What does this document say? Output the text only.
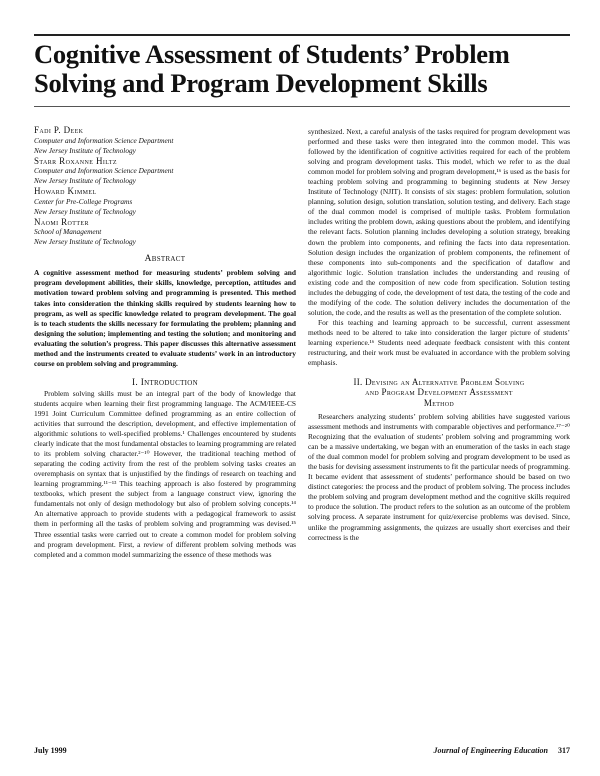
Cognitive Assessment of Students’ Problem Solving and Program Development Skills
Fadi P. Deek
Computer and Information Science Department
New Jersey Institute of Technology
Starr Roxanne Hiltz
Computer and Information Science Department
New Jersey Institute of Technology
Howard Kimmel
Center for Pre-College Programs
New Jersey Institute of Technology
Naomi Rotter
School of Management
New Jersey Institute of Technology
Abstract

A cognitive assessment method for measuring students’ problem solving and program development abilities, their skills, knowledge, perception, attitudes and motivation toward problem solving and programming is presented. This method takes into consideration the thinking skills required by students learning how to program, as well as specific knowledge related to program development. The goal is to teach students the skills necessary for formulating the problem; planning and designing the solution; implementing and testing the solution; and monitoring and evaluating the solution’s progress. This paper discusses this alternative assessment method and the instruments created to evaluate students’ work in an introductory course on problem solving and programming.

I. Introduction

Problem solving skills must be an integral part of the body of knowledge that students acquire when learning their first programming language. The ACM/IEEE-CS 1991 Joint Curriculum Committee defined programming as an entire collection of activities that surround the description, development, and effective implementation of algorithmic solutions to well-specified problems.¹ Challenges encountered by students clearly indicate that the most fundamental obstacles to learning programming are related to its problem solving character.²⁻¹⁰ However, the traditional teaching method of separating the coding activity from the rest of the problem solving tasks creates an overemphasis on syntax that is unjustified by the findings of research on teaching and learning programming.¹¹⁻¹³ This teaching approach is also fostered by programming textbooks, which present the subject from a language construct view, ignoring the fundamentals not only of design methodology but also of problem solving concepts.¹⁴ An alternative approach to provide students with a pedagogical framework to assist them in performing all the tasks of problem solving and programming was devised.¹⁵ Three essential tasks were carried out to create a common model for problem solving and program development. First, a review of different problem solving methods was completed and a common model summarizing the essence of these methods was

synthesized. Next, a careful analysis of the tasks required for program development was performed and these tasks were then integrated into the common model. This was followed by the identification of cognitive activities required for each of the problem solving and program development tasks. This model, which we refer to as the dual common model for problem solving and program development,¹⁶ is used as the basis for teaching problem solving and programming to beginning students at New Jersey Institute of Technology (NJIT). It consists of six stages: problem formulation, solution planning, solution design, solution translation, solution testing, and delivery. Each stage of the dual common model is comprised of multiple tasks. Problem formulation includes writing the problem down, asking questions about the problem, and identifying the relevant facts. Solution planning includes developing a solution strategy, breaking down the problem into components, and refining the facts into data representation. Solution design includes the organization of problem components, the refinement of these components into sub-components and the specification of dataflow and algorithmic logic. Solution translation includes the understanding and reusing of existing code and the composition of new code from specification. Solution testing includes the debugging of code, the development of test data, the testing of the code and the modifying of the code. The solution delivery includes the documentation of the solution, the code, and the results as well as the presentation of the complete solution.

For this teaching and learning approach to be successful, current assessment methods need to be altered to take into consideration the larger picture of students’ learning experience.¹⁶ Students need adequate feedback consistent with this content restructuring, and their work must be evaluated in accordance with the problem solving emphasis.

II. Devising an Alternative Problem Solving
and Program Development Assessment
Method

Researchers analyzing students’ problem solving abilities have suggested various assessment methods and instruments with comparable objectives and performance.¹⁷⁻²⁰ Recognizing that the evaluation of students’ problem solving and programming work can be a massive undertaking, we began with an enumeration of the tasks in each stage of the dual common model for problem solving and program development to be used as the basis for devising assessment instruments to fit the particular needs of programming. It became evident that assessment of students’ performance should be based on two distinct categories: the process and the product of problem solving. The process includes the problem solving and program development method and the cognitive skills required to produce the solution. The product refers to the solution as an outcome of the problem solving process. A separate instrument for quiz/exercise problems was devised. Since, unlike the programming assignments, the quizzes are usually short exercises and their correctness is the

July 1999	Journal of Engineering Education 317
